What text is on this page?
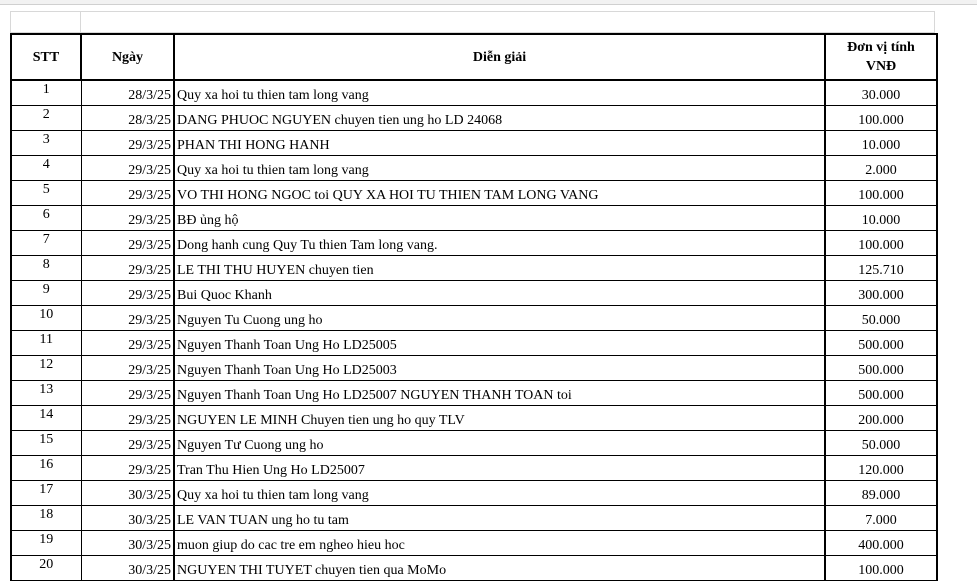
STT	Ngày	Diễn giải	Đơn vị tính
VNĐ
1	28/3/25	Quy xa hoi tu thien tam long vang	30.000
2	28/3/25	DANG PHUOC NGUYEN chuyen tien ung ho LD 24068	100.000
3	29/3/25	PHAN THI HONG HANH	10.000
4	29/3/25	Quy xa hoi tu thien tam long vang	2.000
5	29/3/25	VO THI HONG NGOC toi QUY XA HOI TU THIEN TAM LONG VANG	100.000
6	29/3/25	BĐ ủng hộ	10.000
7	29/3/25	Dong hanh cung Quy Tu thien Tam long vang.	100.000
8	29/3/25	LE THI THU HUYEN chuyen tien	125.710
9	29/3/25	Bui Quoc Khanh	300.000
10	29/3/25	Nguyen Tu Cuong ung ho	50.000
11	29/3/25	Nguyen Thanh Toan Ung Ho LD25005	500.000
12	29/3/25	Nguyen Thanh Toan Ung Ho LD25003	500.000
13	29/3/25	Nguyen Thanh Toan Ung Ho LD25007 NGUYEN THANH TOAN toi	500.000
14	29/3/25	NGUYEN LE MINH Chuyen tien ung ho quy TLV	200.000
15	29/3/25	Nguyen Tư Cuong ung ho	50.000
16	29/3/25	Tran Thu Hien Ung Ho LD25007	120.000
17	30/3/25	Quy xa hoi tu thien tam long vang	89.000
18	30/3/25	LE VAN TUAN ung ho tu tam	7.000
19	30/3/25	muon giup do cac tre em ngheo hieu hoc	400.000
20	30/3/25	NGUYEN THI TUYET chuyen tien qua MoMo	100.000
